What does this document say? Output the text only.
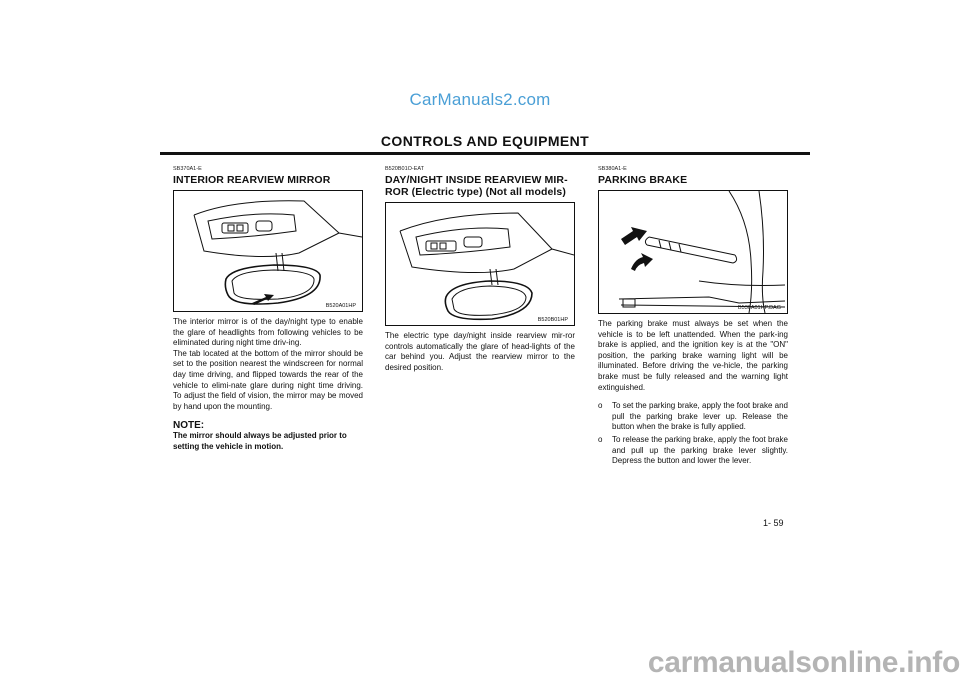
CarManuals2.com
CONTROLS AND EQUIPMENT
SB370A1-E
INTERIOR REARVIEW MIRROR
B520A01HP
The interior mirror is of the day/night type to enable the glare of headlights from following vehicles to be eliminated during night time driv-ing.
The tab located at the bottom of the mirror should be set to the position nearest the windscreen for normal day time driving, and flipped towards the rear of the vehicle to elimi-nate glare during night time driving. To adjust the field of vision, the mirror may be moved by hand upon the mounting.
NOTE:
The mirror should always be adjusted prior to setting the vehicle in motion.
B520B01O-EAT
DAY/NIGHT INSIDE REARVIEW MIR-ROR (Electric type) (Not all models)
B520B01HP
The electric type day/night inside rearview mir-ror controls automatically the glare of head-lights of the car behind you. Adjust the rearview mirror to the desired position.
SB380A1-E
PARKING BRAKE
B530A01HP.DAG
The parking brake must always be set when the vehicle is to be left unattended. When the park-ing brake is applied, and the ignition key is at the "ON" position, the parking brake warning light will be illuminated. Before driving the ve-hicle, the parking brake must be fully released and the warning light extinguished.
o	To set the parking brake, apply the foot brake and pull the parking brake lever up. Release the button when the brake is fully applied.
o	To release the parking brake, apply the foot brake and pull up the parking brake lever slightly. Depress the button and lower the lever.
1- 59
carmanualsonline.info
